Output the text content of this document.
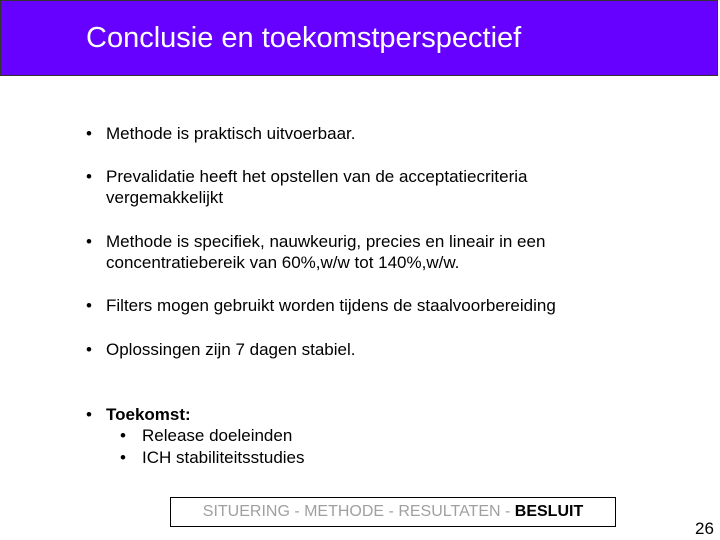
Conclusie en toekomstperspectief
• Methode is praktisch uitvoerbaar.
• Prevalidatie heeft het opstellen van de acceptatiecriteria
vergemakkelijkt
• Methode is specifiek, nauwkeurig, precies en lineair in een
concentratiebereik van 60%,w/w tot 140%,w/w.
• Filters mogen gebruikt worden tijdens de staalvoorbereiding
• Oplossingen zijn 7 dagen stabiel.
• Toekomst:
• Release doeleinden
• ICH stabiliteitsstudies
SITUERING - METHODE - RESULTATEN - BESLUIT
26
